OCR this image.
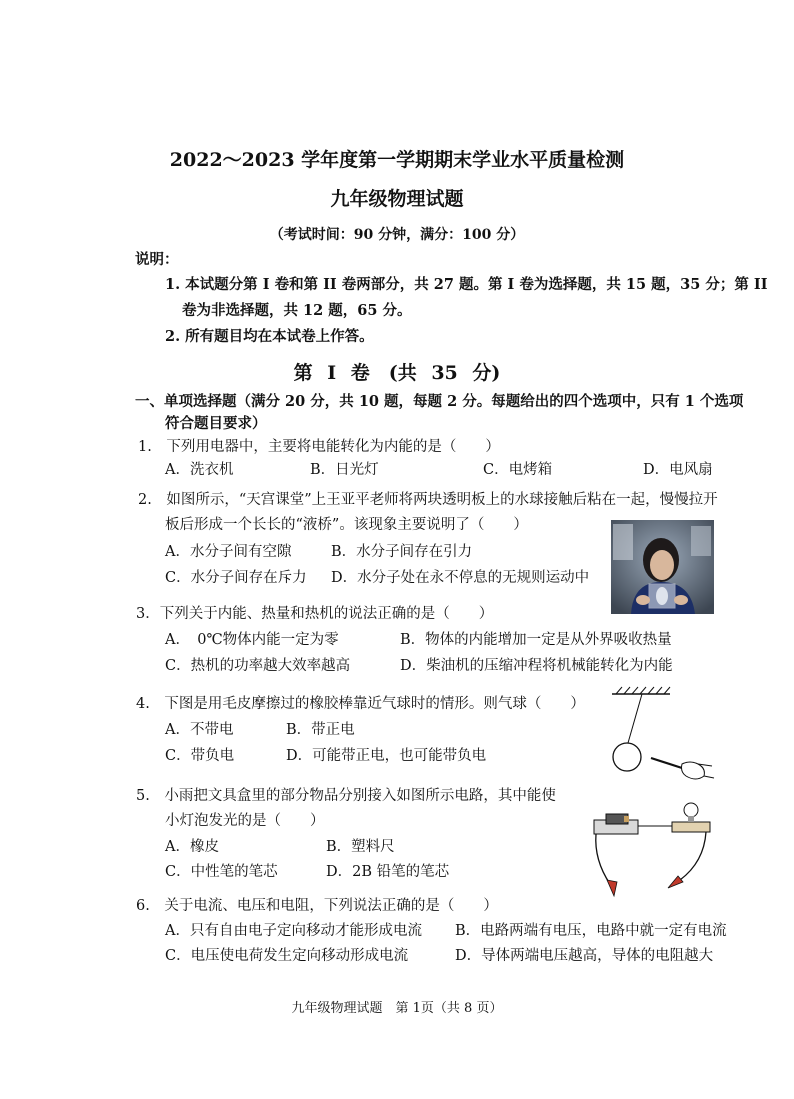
2022～2023 学年度第一学期期末学业水平质量检测
九年级物理试题
（考试时间：90 分钟，满分：100 分）
说明：
1. 本试题分第 I 卷和第 II 卷两部分，共 27 题。第 I 卷为选择题，共 15 题，35 分；第 II
卷为非选择题，共 12 题，65 分。
2. 所有题目均在本试卷上作答。
第 I 卷　(共 35 分)
一、单项选择题（满分 20 分，共 10 题，每题 2 分。每题给出的四个选项中，只有 1 个选项
符合题目要求）
1.　下列用电器中，主要将电能转化为内能的是（　　）
A．洗衣机	B．日光灯	C．电烤箱	D．电风扇
2.　如图所示，“天宫课堂”上王亚平老师将两块透明板上的水球接触后粘在一起，慢慢拉开
板后形成一个长长的“液桥”。该现象主要说明了（　　）
A．水分子间有空隙	B．水分子间存在引力
C．水分子间存在斥力 D．水分子处在永不停息的无规则运动中
3．下列关于内能、热量和热机的说法正确的是（　　）
A．　0℃物体内能一定为零	B．物体的内能增加一定是从外界吸收热量
C．热机的功率越大效率越高	D．柴油机的压缩冲程将机械能转化为内能
4.　下图是用毛皮摩擦过的橡胶棒靠近气球时的情形。则气球（　　）
A．不带电	B．带正电
C．带负电	D．可能带正电，也可能带负电
5.　小雨把文具盒里的部分物品分别接入如图所示电路，其中能使
小灯泡发光的是（　　）
A．橡皮	B．塑料尺
C．中性笔的笔芯	D．2B 铅笔的笔芯
6.　关于电流、电压和电阻，下列说法正确的是（　　）
A．只有自由电子定向移动才能形成电流 B．电路两端有电压，电路中就一定有电流
C．电压使电荷发生定向移动形成电流	D．导体两端电压越高，导体的电阻越大
九年级物理试题　第 1页（共 8 页）
